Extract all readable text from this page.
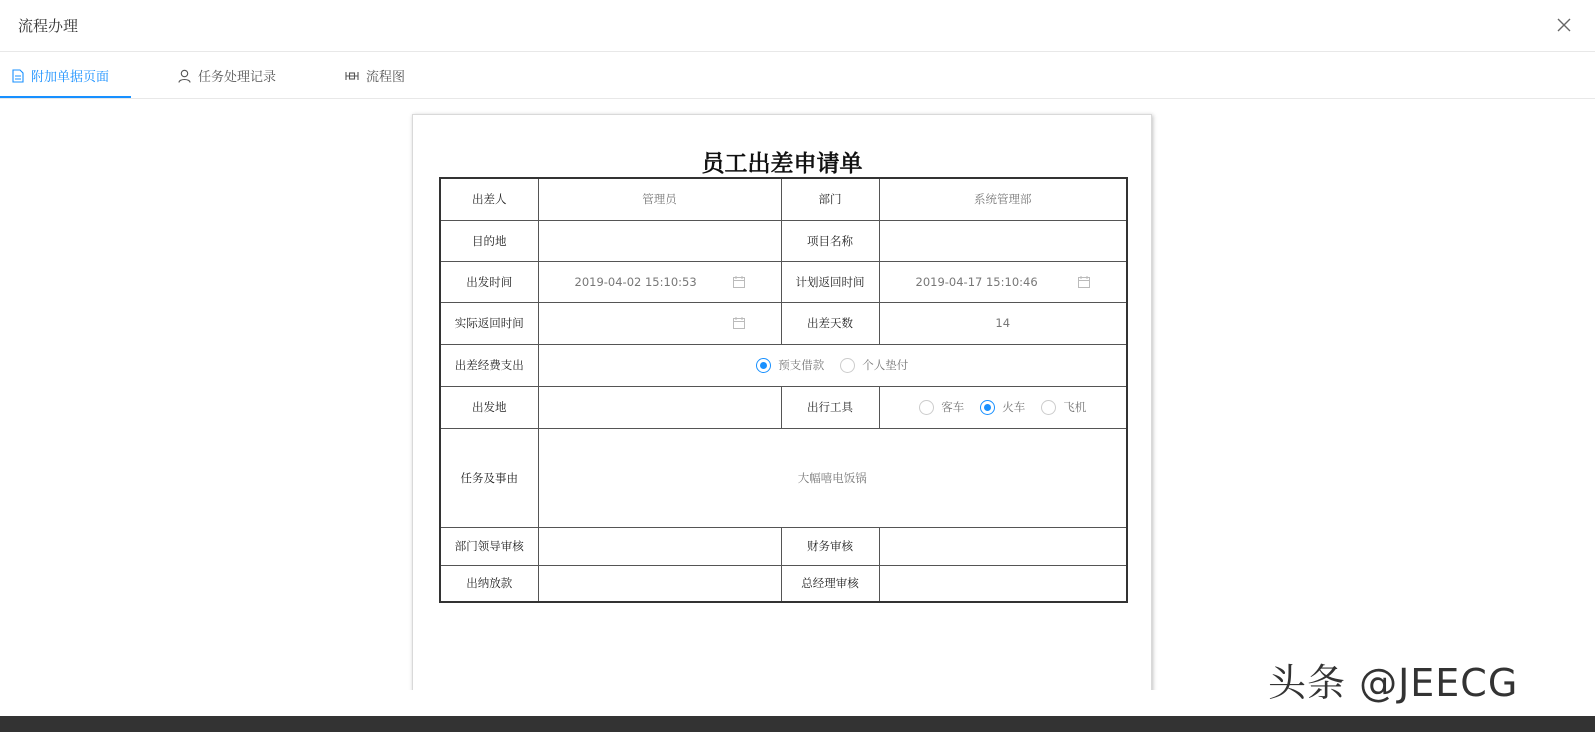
流程办理
附加单据页面	任务处理记录	流程图
员工出差申请单
出差人	管理员	部门	系统管理部
目的地		项目名称	
出发时间	2019-04-02 15:10:53	计划返回时间	2019-04-17 15:10:46

实际返回时间		出差天数	14
出差经费支出	预支借款 个人垫付		

出发地		出行工具	客车 火车 飞机

任务及事由	大幅嘻电饭锅		
部门领导审核		财务审核	
出纳放款		总经理审核	
头条 @JEECG
